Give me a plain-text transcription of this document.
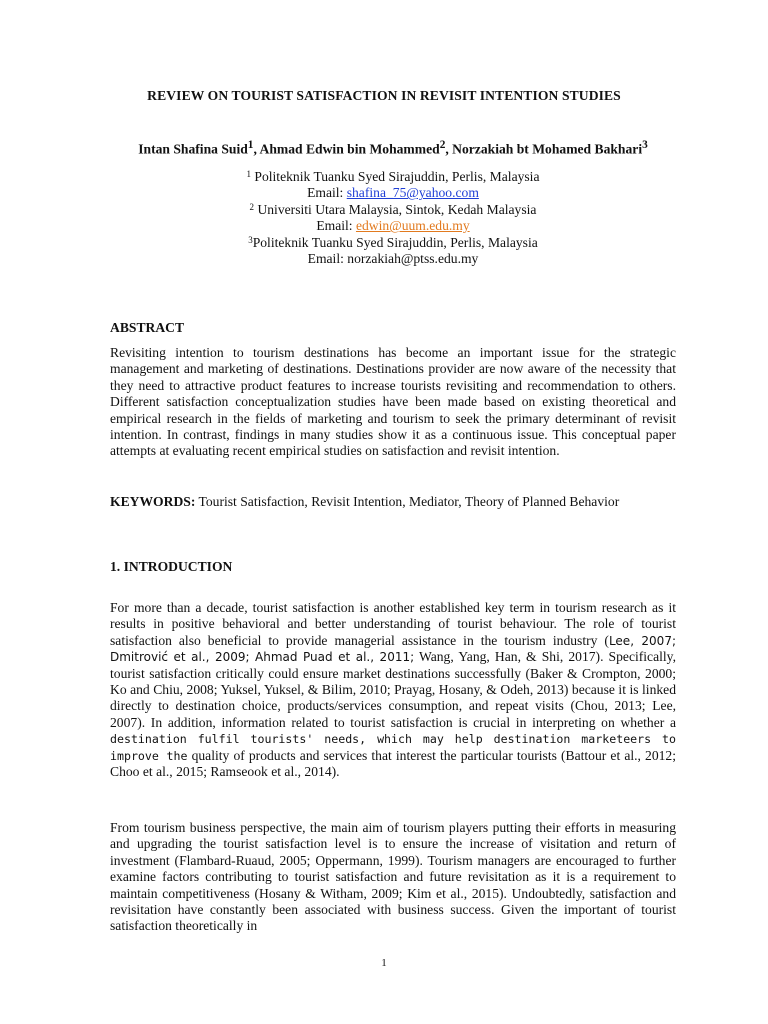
REVIEW ON TOURIST SATISFACTION IN REVISIT INTENTION STUDIES
Intan Shafina Suid$^1$, Ahmad Edwin bin Mohammed$^2$, Norzakiah bt Mohamed Bakhari$^3$
$^1$ Politeknik Tuanku Syed Sirajuddin, Perlis, Malaysia
Email: shafina_75@yahoo.com
$^2$ Universiti Utara Malaysia, Sintok, Kedah Malaysia
Email: edwin@uum.edu.my
$^3$Politeknik Tuanku Syed Sirajuddin, Perlis, Malaysia
Email: norzakiah@ptss.edu.my
ABSTRACT
Revisiting intention to tourism destinations has become an important issue for the strategic management and marketing of destinations. Destinations provider are now aware of the necessity that they need to attractive product features to increase tourists revisiting and recommendation to others. Different satisfaction conceptualization studies have been made based on existing theoretical and empirical research in the fields of marketing and tourism to seek the primary determinant of revisit intention. In contrast, findings in many studies show it as a continuous issue. This conceptual paper attempts at evaluating recent empirical studies on satisfaction and revisit intention.
KEYWORDS: Tourist Satisfaction, Revisit Intention, Mediator, Theory of Planned Behavior
1. INTRODUCTION
For more than a decade, tourist satisfaction is another established key term in tourism research as it results in positive behavioral and better understanding of tourist behaviour. The role of tourist satisfaction also beneficial to provide managerial assistance in the tourism industry (Lee, 2007; Dmitrović et al., 2009; Ahmad Puad et al., 2011; Wang, Yang, Han, & Shi, 2017). Specifically, tourist satisfaction critically could ensure market destinations successfully (Baker & Crompton, 2000; Ko and Chiu, 2008; Yuksel, Yuksel, & Bilim, 2010; Prayag, Hosany, & Odeh, 2013) because it is linked directly to destination choice, products/services consumption, and repeat visits (Chou, 2013; Lee, 2007). In addition, information related to tourist satisfaction is crucial in interpreting on whether a destination fulfil tourists' needs, which may help destination marketeers to improve the quality of products and services that interest the particular tourists (Battour et al., 2012; Choo et al., 2015; Ramseook et al., 2014).
From tourism business perspective, the main aim of tourism players putting their efforts in measuring and upgrading the tourist satisfaction level is to ensure the increase of visitation and return of investment (Flambard-Ruaud, 2005; Oppermann, 1999). Tourism managers are encouraged to further examine factors contributing to tourist satisfaction and future revisitation as it is a requirement to maintain competitiveness (Hosany & Witham, 2009; Kim et al., 2015). Undoubtedly, satisfaction and revisitation have constantly been associated with business success. Given the important of tourist satisfaction theoretically in
1
